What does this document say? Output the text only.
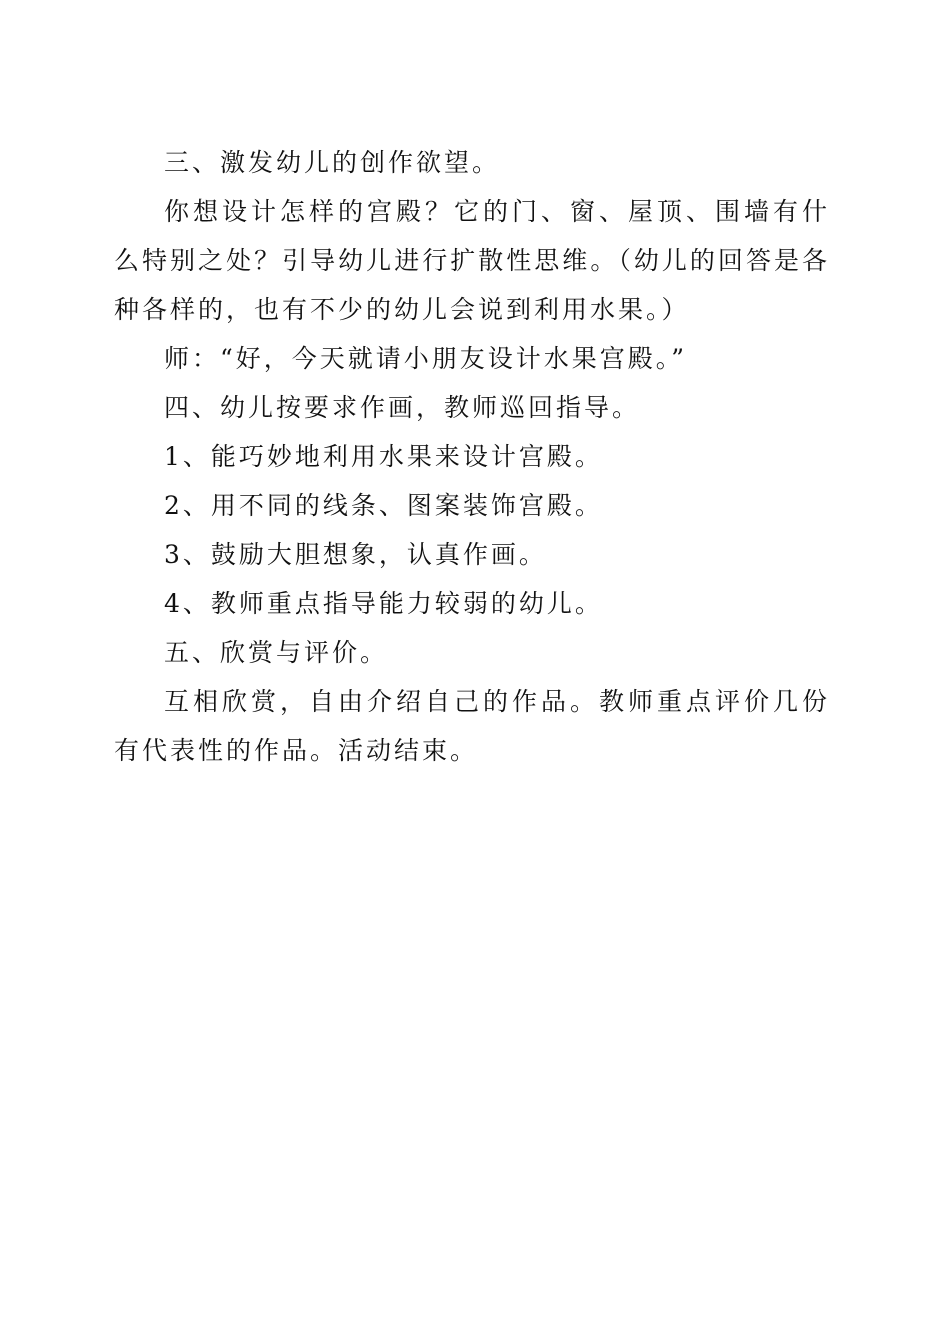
三、激发幼儿的创作欲望。

你想设计怎样的宫殿？它的门、窗、屋顶、围墙有什么特别之处？引导幼儿进行扩散性思维。（幼儿的回答是各种各样的，也有不少的幼儿会说到利用水果。）

师：“好，今天就请小朋友设计水果宫殿。”

四、幼儿按要求作画，教师巡回指导。

1、能巧妙地利用水果来设计宫殿。

2、用不同的线条、图案装饰宫殿。

3、鼓励大胆想象，认真作画。

4、教师重点指导能力较弱的幼儿。

五、欣赏与评价。

互相欣赏，自由介绍自己的作品。教师重点评价几份有代表性的作品。活动结束。
